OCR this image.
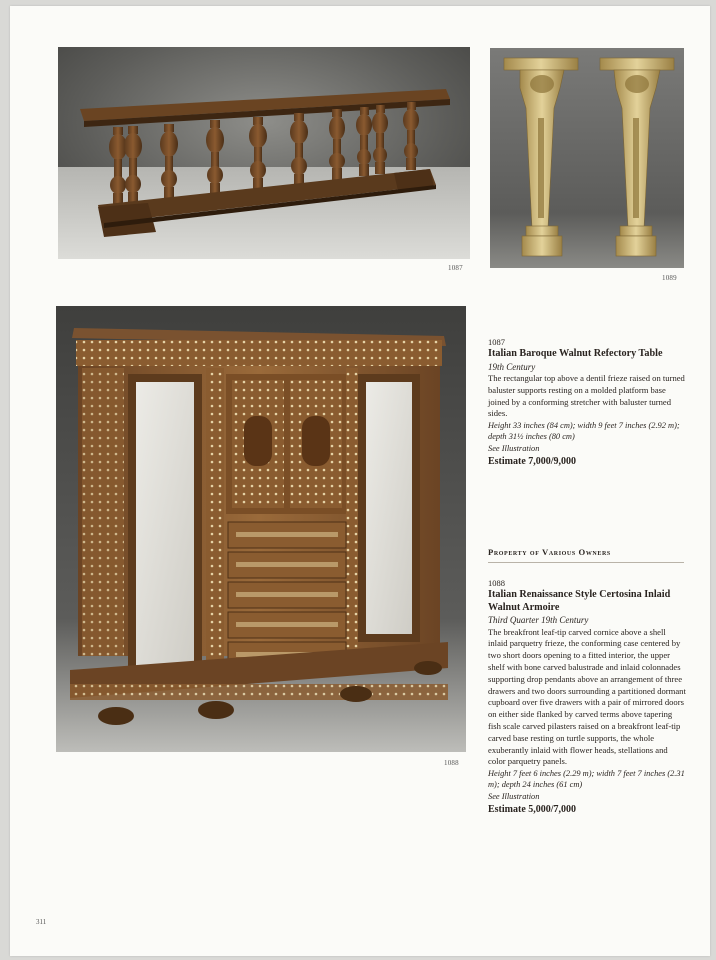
1087
1089
1088

1087

Italian Baroque Walnut Refectory Table

19th Century

The rectangular top above a dentil frieze raised on turned baluster supports resting on a molded platform base joined by a conforming stretcher with baluster turned sides.

Height 33 inches (84 cm); width 9 feet 7 inches (2.92 m); depth 31½ inches (80 cm)

See Illustration

Estimate 7,000/9,000

Property of Various Owners

1088

Italian Renaissance Style Certosina Inlaid Walnut Armoire

Third Quarter 19th Century

The breakfront leaf-tip carved cornice above a shell inlaid parquetry frieze, the conforming case centered by two short doors opening to a fitted interior, the upper shelf with bone carved balustrade and inlaid colonnades supporting drop pendants above an arrangement of three drawers and two doors surrounding a partitioned dormant cupboard over five drawers with a pair of mirrored doors on either side flanked by carved terms above tapering fish scale carved pilasters raised on a breakfront leaf-tip carved base resting on turtle supports, the whole exuberantly inlaid with flower heads, stellations and color parquetry panels.

Height 7 feet 6 inches (2.29 m); width 7 feet 7 inches (2.31 m); depth 24 inches (61 cm)

See Illustration

Estimate 5,000/7,000

311
